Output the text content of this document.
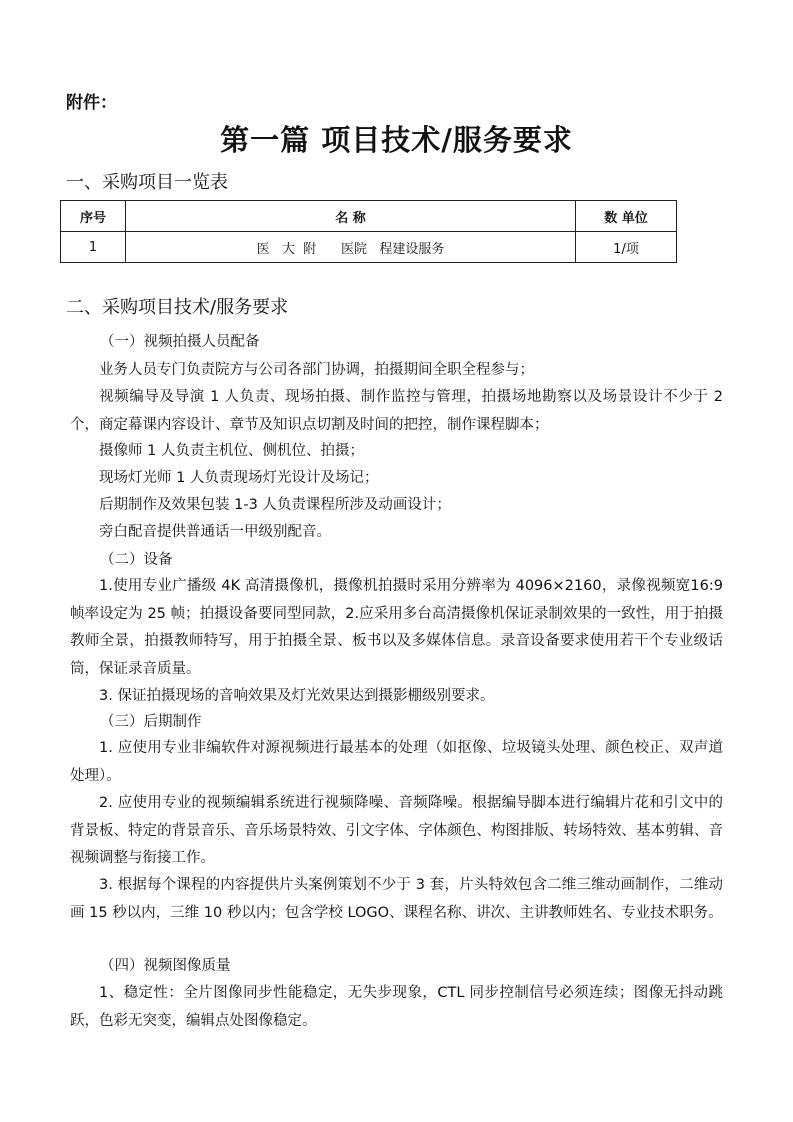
附件：
第一篇 项目技术/服务要求
一、采购项目一览表
序号	名 称	数 单位
1	医   大  附      医院   程建设服务	1/项
二、采购项目技术/服务要求
（一）视频拍摄人员配备

业务人员专门负责院方与公司各部门协调，拍摄期间全职全程参与；

视频编导及导演 1 人负责、现场拍摄、制作监控与管理，拍摄场地勘察以及场景设计不少于 2 个，商定幕课内容设计、章节及知识点切割及时间的把控，制作课程脚本；

摄像师 1 人负责主机位、侧机位、拍摄；

现场灯光师 1 人负责现场灯光设计及场记；

后期制作及效果包装 1-3 人负责课程所涉及动画设计；

旁白配音提供普通话一甲级别配音。

（二）设备

1.使用专业广播级 4K 高清摄像机，摄像机拍摄时采用分辨率为 4096×2160，录像视频宽16:9 帧率设定为 25 帧；拍摄设备要同型同款，2.应采用多台高清摄像机保证录制效果的一致性，用于拍摄教师全景，拍摄教师特写，用于拍摄全景、板书以及多媒体信息。录音设备要求使用若干个专业级话筒，保证录音质量。

3. 保证拍摄现场的音响效果及灯光效果达到摄影棚级别要求。

（三）后期制作

1. 应使用专业非编软件对源视频进行最基本的处理（如抠像、垃圾镜头处理、颜色校正、双声道处理）。

2. 应使用专业的视频编辑系统进行视频降噪、音频降噪。根据编导脚本进行编辑片花和引文中的背景板、特定的背景音乐、音乐场景特效、引文字体、字体颜色、构图排版、转场特效、基本剪辑、音视频调整与衔接工作。

3. 根据每个课程的内容提供片头案例策划不少于 3 套，片头特效包含二维三维动画制作，二维动画 15 秒以内，三维 10 秒以内；包含学校 LOGO、课程名称、讲次、主讲教师姓名、专业技术职务。

（四）视频图像质量

1、稳定性：全片图像同步性能稳定，无失步现象，CTL 同步控制信号必须连续；图像无抖动跳跃，色彩无突变，编辑点处图像稳定。
